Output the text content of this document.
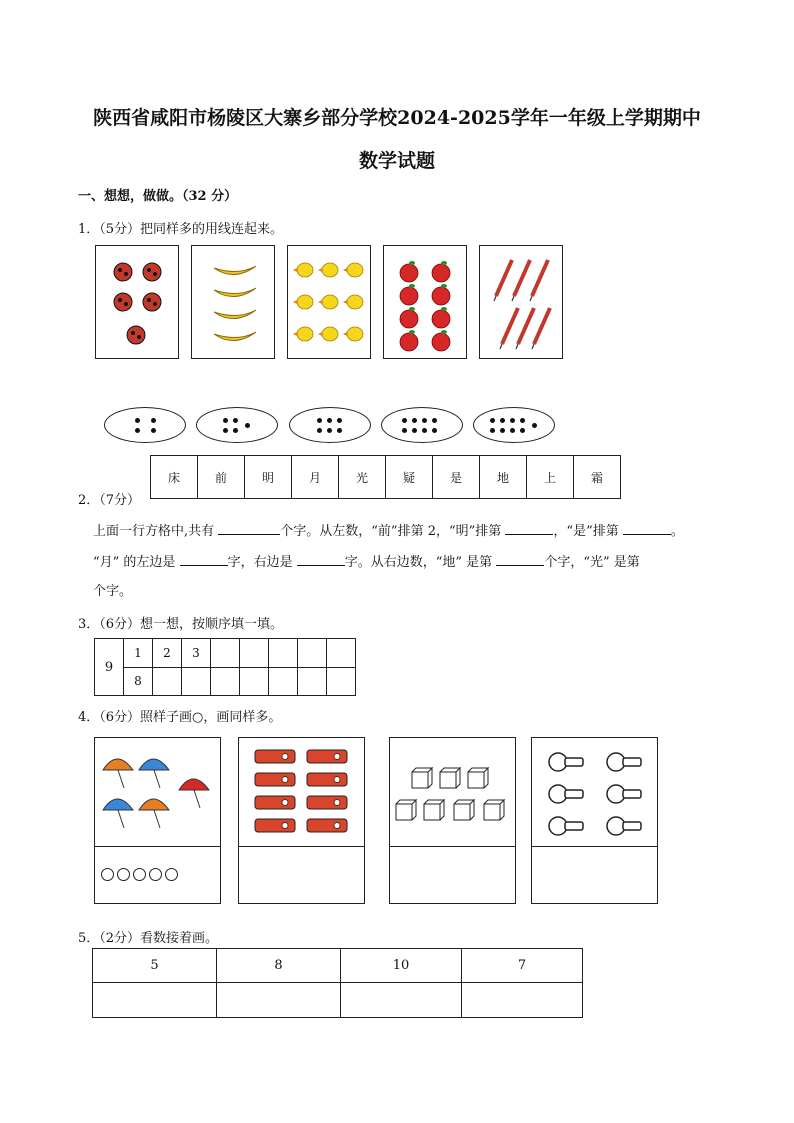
陕西省咸阳市杨陵区大寨乡部分学校2024-2025学年一年级上学期期中
数学试题
一、想想，做做。（32 分）
1．（5分）把同样多的用线连起来。
2．（7分）
床	前	明	月	光	疑	是	地	上	霜
上面一行方格中,共有	个字。从左数，“前”排第 2，“明”排第	，“是”排第	。
“月” 的左边是	字，右边是	字。从右边数，“地” 是第	个字，“光” 是第
个字。
3．（6分）想一想，按顺序填一填。
9	1	2	3					
	8							
4．（6分）照样子画○，画同样多。
5．（2分）看数接着画。
5	8	10	7
